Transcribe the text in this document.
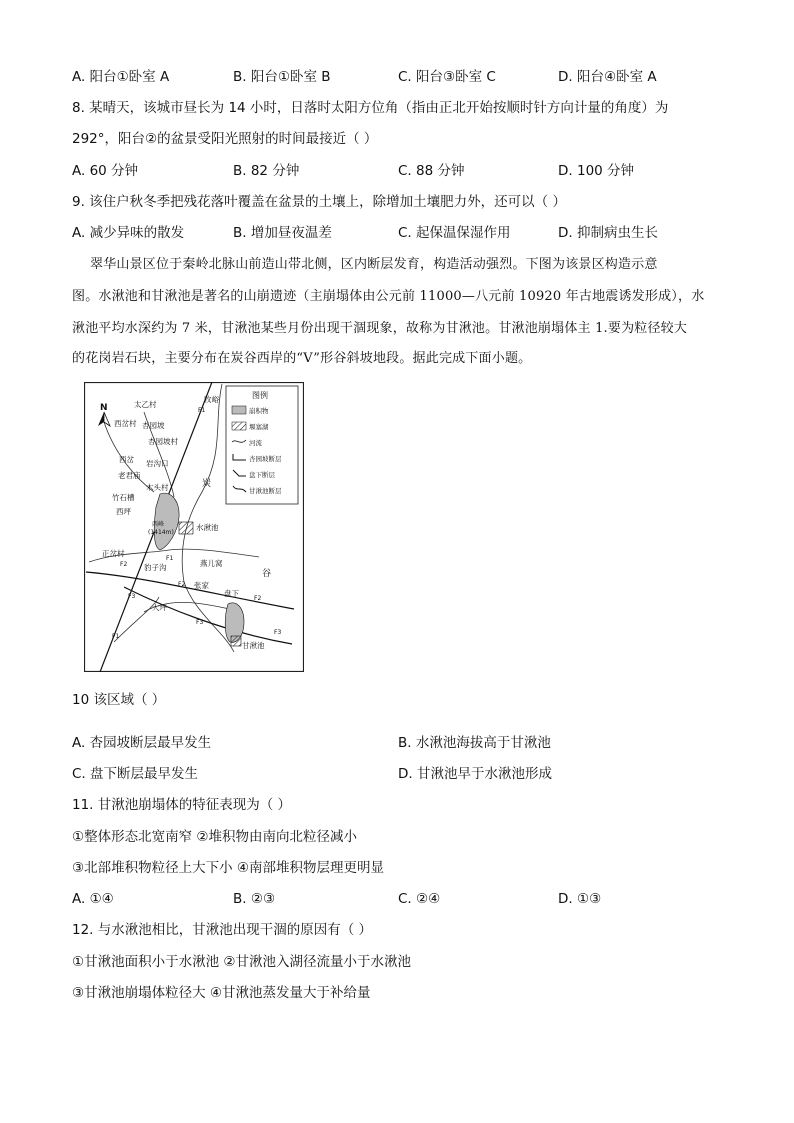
A. 阳台①卧室 A	B. 阳台①卧室 B	C. 阳台③卧室 C	D. 阳台④卧室 A
8. 某晴天，该城市昼长为 14 小时，日落时太阳方位角（指由正北开始按顺时针方向计量的角度）为
292°，阳台②的盆景受阳光照射的时间最接近（ ）
A. 60 分钟	B. 82 分钟	C. 88 分钟	D. 100 分钟
9. 该住户秋冬季把残花落叶覆盖在盆景的土壤上，除增加土壤肥力外，还可以（ ）
A. 减少异味的散发	B. 增加昼夜温差	C. 起保温保湿作用	D. 抑制病虫生长
翠华山景区位于秦岭北脉山前造山带北侧，区内断层发育，构造活动强烈。下图为该景区构造示意
图。水湫池和甘湫池是著名的山崩遗迹（主崩塌体由公元前 11000—八元前 10920 年古地震诱发形成），水
湫池平均水深约为 7 米，甘湫池某些月份出现干涸现象，故称为甘湫池。甘湫池崩塌体主 1.要为粒径较大
的花岗岩石块，主要分布在炭谷西岸的“V”形谷斜坡地段。据此完成下面小题。
图例
崩积物
堰塞湖
河流
杏园坡断层
盘下断层
甘湫池断层
N	太乙村
牧峪
杏园坡
西岔村
杏园坡村
西岔 岩沟口
老君庙
木头村	炭
竹石槽
西坪
西峰
(1414m)
水湫池
正岔村
豹子沟	燕儿窝
谷
张家
盘下
大坪
甘湫池
F1
F1
F1
F2
F2
F2
F3
F3
F3
10 该区域（ ）
A. 杏园坡断层最早发生	B. 水湫池海拔高于甘湫池
C. 盘下断层最早发生	D. 甘湫池早于水湫池形成
11. 甘湫池崩塌体的特征表现为（ ）
①整体形态北宽南窄 ②堆积物由南向北粒径减小
③北部堆积物粒径上大下小 ④南部堆积物层理更明显
A. ①④	B. ②③	C. ②④	D. ①③
12. 与水湫池相比，甘湫池出现干涸的原因有（ ）
①甘湫池面积小于水湫池 ②甘湫池入湖径流量小于水湫池
③甘湫池崩塌体粒径大 ④甘湫池蒸发量大于补给量
